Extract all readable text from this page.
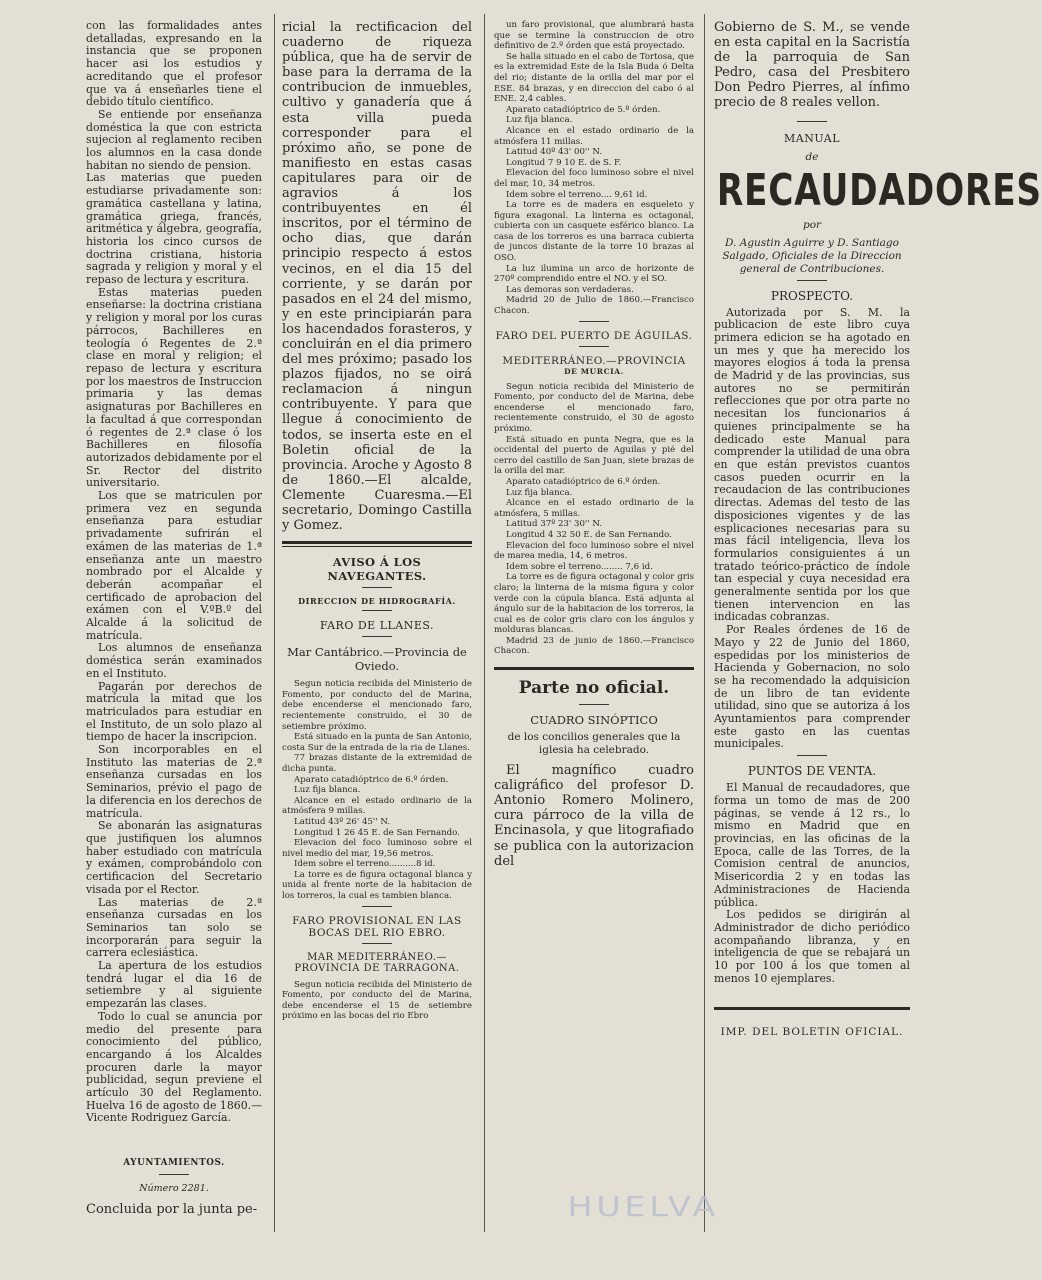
con las formalidades antes detalladas, expresando en la instancia que se proponen hacer asi los estudios y acreditando que el profesor que va á enseñarles tiene el debido título científico.

Se entiende por enseñanza doméstica la que con estricta sujecion al reglamento reciben los alumnos en la casa donde habitan no siendo de pension.

Las materias que pueden estudiarse privadamente son: gramática castellana y latina, gramática griega, francés, aritmética y álgebra, geografía, historia los cinco cursos de doctrina cristiana, historia sagrada y religion y moral y el repaso de lectura y escritura.

Estas materias pueden enseñarse: la doctrina cristiana y religion y moral por los curas párrocos, Bachilleres en teología ó Regentes de 2.ª clase en moral y religion; el repaso de lectura y escritura por los maestros de Instruccion primaria y las demas asignaturas por Bachilleres en la facultad á que correspondan ó regentes de 2.ª clase ó los Bachilleres en filosofía autorizados debidamente por el Sr. Rector del distrito universitario.

Los que se matriculen por primera vez en segunda enseñanza para estudiar privadamente sufrirán el exámen de las materias de 1.ª enseñanza ante un maestro nombrado por el Alcalde y deberán acompañar el certificado de aprobacion del exámen con el V.ºB.º del Alcalde á la solicitud de matrícula.

Los alumnos de enseñanza doméstica serán examinados en el Instituto.

Pagarán por derechos de matrícula la mitad que los matriculados para estudiar en el Instituto, de un solo plazo al tiempo de hacer la inscripcion.

Son incorporables en el Instituto las materias de 2.ª enseñanza cursadas en los Seminarios, prévio el pago de la diferencia en los derechos de matrícula.

Se abonarán las asignaturas que justifiquen los alumnos haber estudiado con matrícula y exámen, comprobándolo con certificacion del Secretario visada por el Rector.

Las materias de 2.ª enseñanza cursadas en los Seminarios tan solo se incorporarán para seguir la carrera eclesiástica.

La apertura de los estudios tendrá lugar el dia 16 de setiembre y al siguiente empezarán las clases.

Todo lo cual se anuncia por medio del presente para conocimiento del público, encargando á los Alcaldes procuren darle la mayor publicidad, segun previene el artículo 30 del Reglamento. Huelva 16 de agosto de 1860.—Vicente Rodriguez García.

AYUNTAMIENTOS.
Número 2281.
Concluida por la junta pe-

ricial la rectificacion del cuaderno de riqueza pública, que ha de servir de base para la derrama de la contribucion de inmuebles, cultivo y ganadería que á esta villa pueda corresponder para el próximo año, se pone de manifiesto en estas casas capitulares para oir de agravios á los contribuyentes en él inscritos, por el término de ocho dias, que darán principio respecto á estos vecinos, en el dia 15 del corriente, y se darán por pasados en el 24 del mismo, y en este principiarán para los hacendados forasteros, y concluirán en el dia primero del mes próximo; pasado los plazos fijados, no se oirá reclamacion á ningun contribuyente. Y para que llegue á conocimiento de todos, se inserta este en el Boletin oficial de la provincia. Aroche y Agosto 8 de 1860.—El alcalde, Clemente Cuaresma.—El secretario, Domingo Castilla y Gomez.

AVISO Á LOS NAVEGANTES.
DIRECCION DE HIDROGRAFÍA.
FARO DE LLANES.
Mar Cantábrico.—Provincia de Oviedo.

Segun noticia recibida del Ministerio de Fomento, por conducto del de Marina, debe encenderse el mencionado faro, recientemente construido, el 30 de setiembre próximo.

Está situado en la punta de San Antonio, costa Sur de la entrada de la ria de Llanes.

77 brazas distante de la extremidad de dicha punta.

Aparato catadióptrico de 6.º órden.

Luz fija blanca.

Alcance en el estado ordinario de la atmósfera 9 millas.

Latitud 43º 26' 45'' N.

Longitud 1 26 45 E. de San Fernando.

Elevacion del foco luminoso sobre el nivel medio del mar, 19,56 metros.

Idem sobre el terreno..........8 id.

La torre es de figura octagonal blanca y unida al frente norte de la habitacion de los torreros, la cual es tambien blanca.

FARO PROVISIONAL EN LAS BOCAS DEL RIO EBRO.
MAR MEDITERRÁNEO.—PROVINCIA DE TARRAGONA.

Segun noticia recibida del Ministerio de Fomento, por conducto del de Marina, debe encenderse el 15 de setiembre próximo en las bocas del rio Ebro

un faro provisional, que alumbrará hasta que se termine la construccion de otro definitivo de 2.º órden que está proyectado.

Se halla situado en el cabo de Tortosa, que es la extremidad Este de la Isla Buda ó Delta del rio; distante de la orilla del mar por el ESE. 84 brazas, y en direccion del cabo ó al ENE. 2,4 cables.

Aparato catadióptrico de 5.º órden.

Luz fija blanca.

Alcance en el estado ordinario de la atmósfera 11 millas.

Latitud 40º 43' 00'' N.

Longitud 7 9 10 E. de S. F.

Elevacion del foco luminoso sobre el nivel del mar, 10, 34 metros.

Idem sobre el terreno.... 9,61 id.

La torre es de madera en esqueleto y figura exagonal. La linterna es octagonal, cubierta con un casquete esférico blanco. La casa de los torreros es una barraca cubierta de juncos distante de la torre 10 brazas al OSO.

La luz ilumina un arco de horizonte de 270º comprendido entre el NO. y el SO.

Las demoras son verdaderas.

Madrid 20 de Julio de 1860.—Francisco Chacon.

FARO DEL PUERTO DE ÁGUILAS.
MEDITERRÁNEO.—PROVINCIA
DE MURCIA.

Segun noticia recibida del Ministerio de Fomento, por conducto del de Marina, debe encenderse el mencionado faro, recientemente construido, el 30 de agosto próximo.

Está situado en punta Negra, que es la occidental del puerto de Aguilas y pié del cerro del castillo de San Juan, siete brazas de la orilla del mar.

Aparato catadióptrico de 6.º órden.

Luz fija blanca.

Alcance en el estado ordinario de la atmósfera, 5 millas.

Latitud 37º 23' 30'' N.

Longitud 4 32 50 E. de San Fernando.

Elevacion del foco luminoso sobre el nivel de marea media, 14, 6 metros.

Idem sobre el terreno........ 7,6 id.

La torre es de figura octagonal y color gris claro; la linterna de la misma figura y color verde con la cúpula blanca. Está adjunta al ángulo sur de la habitacion de los torreros, la cual es de color gris claro con los ángulos y molduras blancas.

Madrid 23 de junio de 1860.—Francisco Chacon.

Parte no oficial.
CUADRO SINÓPTICO
de los concilios generales que la iglesia ha celebrado.

El magnífico cuadro caligráfico del profesor D. Antonio Romero Molinero, cura párroco de la villa de Encinasola, y que litografiado se publica con la autorizacion del

Gobierno de S. M., se vende en esta capital en la Sacristía de la parroquia de San Pedro, casa del Presbitero Don Pedro Pierres, al ínfimo precio de 8 reales vellon.

MANUAL
de
RECAUDADORES
por
D. Agustin Aguirre y D. Santiago Salgado, Oficiales de la Direccion general de Contribuciones.
PROSPECTO.

Autorizada por S. M. la publicacion de este libro cuya primera edicion se ha agotado en un mes y que ha merecido los mayores elogios á toda la prensa de Madrid y de las provincias, sus autores no se permitirán reflecciones que por otra parte no necesitan los funcionarios á quienes principalmente se ha dedicado este Manual para comprender la utilidad de una obra en que están previstos cuantos casos pueden ocurrir en la recaudacion de las contribuciones directas. Ademas del testo de las disposiciones vigentes y de las esplicaciones necesarias para su mas fácil inteligencia, lleva los formularios consiguientes á un tratado teórico-práctico de índole tan especial y cuya necesidad era generalmente sentida por los que tienen intervencion en las indicadas cobranzas.

Por Reales órdenes de 16 de Mayo y 22 de Junio del 1860, espedidas por los ministerios de Hacienda y Gobernacion, no solo se ha recomendado la adquisicion de un libro de tan evidente utilidad, sino que se autoriza á los Ayuntamientos para comprender este gasto en las cuentas municipales.

PUNTOS DE VENTA.

El Manual de recaudadores, que forma un tomo de mas de 200 páginas, se vende á 12 rs., lo mismo en Madrid que en provincias, en las oficinas de la Epoca, calle de las Torres, de la Comision central de anuncios, Misericordia 2 y en todas las Administraciones de Hacienda pública.

Los pedidos se dirigirán al Administrador de dicho periódico acompañando libranza, y en inteligencia de que se rebajará un 10 por 100 á los que tomen al menos 10 ejemplares.

IMP. DEL BOLETIN OFICIAL.
HUELVA
